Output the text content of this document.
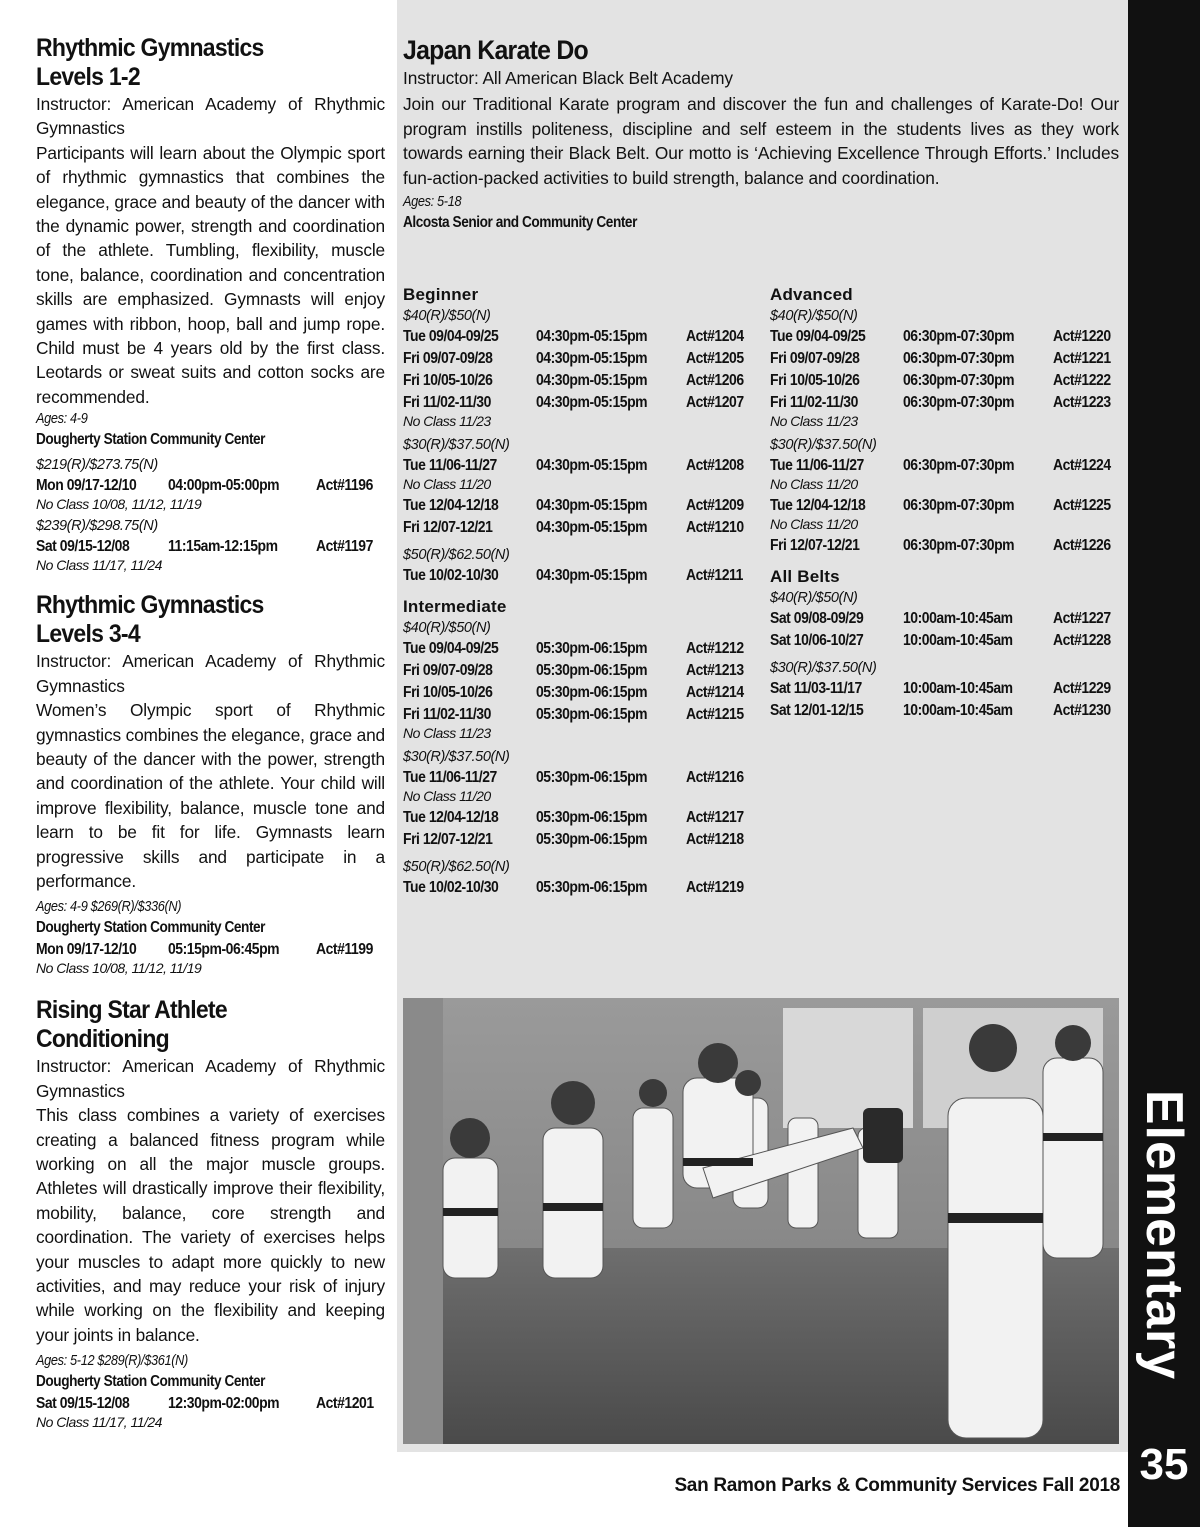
Rhythmic Gymnastics
Levels 1-2
Instructor: American Academy of Rhythmic Gymnastics
Participants will learn about the Olympic sport of rhythmic gymnastics that combines the elegance, grace and beauty of the dancer with the dynamic power, strength and coordination of the athlete. Tumbling, flexibility, muscle tone, balance, coordination and concentration skills are emphasized. Gymnasts will enjoy games with ribbon, hoop, ball and jump rope. Child must be 4 years old by the first class. Leotards or sweat suits and cotton socks are recommended.
Ages: 4-9
Dougherty Station Community Center
$219(R)/$273.75(N)
Mon 09/17-12/10	04:00pm-05:00pm	Act#1196
No Class 10/08, 11/12, 11/19
$239(R)/$298.75(N)
Sat 09/15-12/08	11:15am-12:15pm	Act#1197
No Class 11/17, 11/24
Rhythmic Gymnastics
Levels 3-4
Instructor: American Academy of Rhythmic Gymnastics
Women’s Olympic sport of Rhythmic gymnastics combines the elegance, grace and beauty of the dancer with the power, strength and coordination of the athlete. Your child will improve flexibility, balance, muscle tone and learn to be fit for life. Gymnasts learn progressive skills and participate in a performance.
Ages: 4-9 $269(R)/$336(N)
Dougherty Station Community Center
Mon 09/17-12/10	05:15pm-06:45pm	Act#1199
No Class 10/08, 11/12, 11/19
Rising Star Athlete
Conditioning
Instructor: American Academy of Rhythmic Gymnastics
This class combines a variety of exercises creating a balanced fitness program while working on all the major muscle groups. Athletes will drastically improve their flexibility, mobility, balance, core strength and coordination. The variety of exercises helps your muscles to adapt more quickly to new activities, and may reduce your risk of injury while working on the flexibility and keeping your joints in balance.
Ages: 5-12 $289(R)/$361(N)
Dougherty Station Community Center
Sat 09/15-12/08	12:30pm-02:00pm	Act#1201
No Class 11/17, 11/24
Japan Karate Do
Instructor: All American Black Belt Academy
Join our Traditional Karate program and discover the fun and challenges of Karate-Do! Our program instills politeness, discipline and self esteem in the students lives as they work towards earning their Black Belt. Our motto is ‘Achieving Excellence Through Efforts.’ Includes fun-action-packed activities to build strength, balance and coordination.
Ages: 5-18
Alcosta Senior and Community Center
Beginner
$40(R)/$50(N)
Tue 09/04-09/25	04:30pm-05:15pm	Act#1204
Fri 09/07-09/28	04:30pm-05:15pm	Act#1205
Fri 10/05-10/26	04:30pm-05:15pm	Act#1206
Fri 11/02-11/30	04:30pm-05:15pm	Act#1207
No Class 11/23
$30(R)/$37.50(N)
Tue 11/06-11/27	04:30pm-05:15pm	Act#1208
No Class 11/20
Tue 12/04-12/18	04:30pm-05:15pm	Act#1209
Fri 12/07-12/21	04:30pm-05:15pm	Act#1210
$50(R)/$62.50(N)
Tue 10/02-10/30	04:30pm-05:15pm	Act#1211
Intermediate
$40(R)/$50(N)
Tue 09/04-09/25	05:30pm-06:15pm	Act#1212
Fri 09/07-09/28	05:30pm-06:15pm	Act#1213
Fri 10/05-10/26	05:30pm-06:15pm	Act#1214
Fri 11/02-11/30	05:30pm-06:15pm	Act#1215
No Class 11/23
$30(R)/$37.50(N)
Tue 11/06-11/27	05:30pm-06:15pm	Act#1216
No Class 11/20
Tue 12/04-12/18	05:30pm-06:15pm	Act#1217
Fri 12/07-12/21	05:30pm-06:15pm	Act#1218
$50(R)/$62.50(N)
Tue 10/02-10/30	05:30pm-06:15pm	Act#1219
Advanced
$40(R)/$50(N)
Tue 09/04-09/25	06:30pm-07:30pm	Act#1220
Fri 09/07-09/28	06:30pm-07:30pm	Act#1221
Fri 10/05-10/26	06:30pm-07:30pm	Act#1222
Fri 11/02-11/30	06:30pm-07:30pm	Act#1223
No Class 11/23
$30(R)/$37.50(N)
Tue 11/06-11/27	06:30pm-07:30pm	Act#1224
No Class 11/20
Tue 12/04-12/18	06:30pm-07:30pm	Act#1225
No Class 11/20
Fri 12/07-12/21	06:30pm-07:30pm	Act#1226
All Belts
$40(R)/$50(N)
Sat 09/08-09/29	10:00am-10:45am	Act#1227
Sat 10/06-10/27	10:00am-10:45am	Act#1228
$30(R)/$37.50(N)
Sat 11/03-11/17	10:00am-10:45am	Act#1229
Sat 12/01-12/15	10:00am-10:45am	Act#1230
Elementary
35
San Ramon Parks & Community Services Fall 2018
